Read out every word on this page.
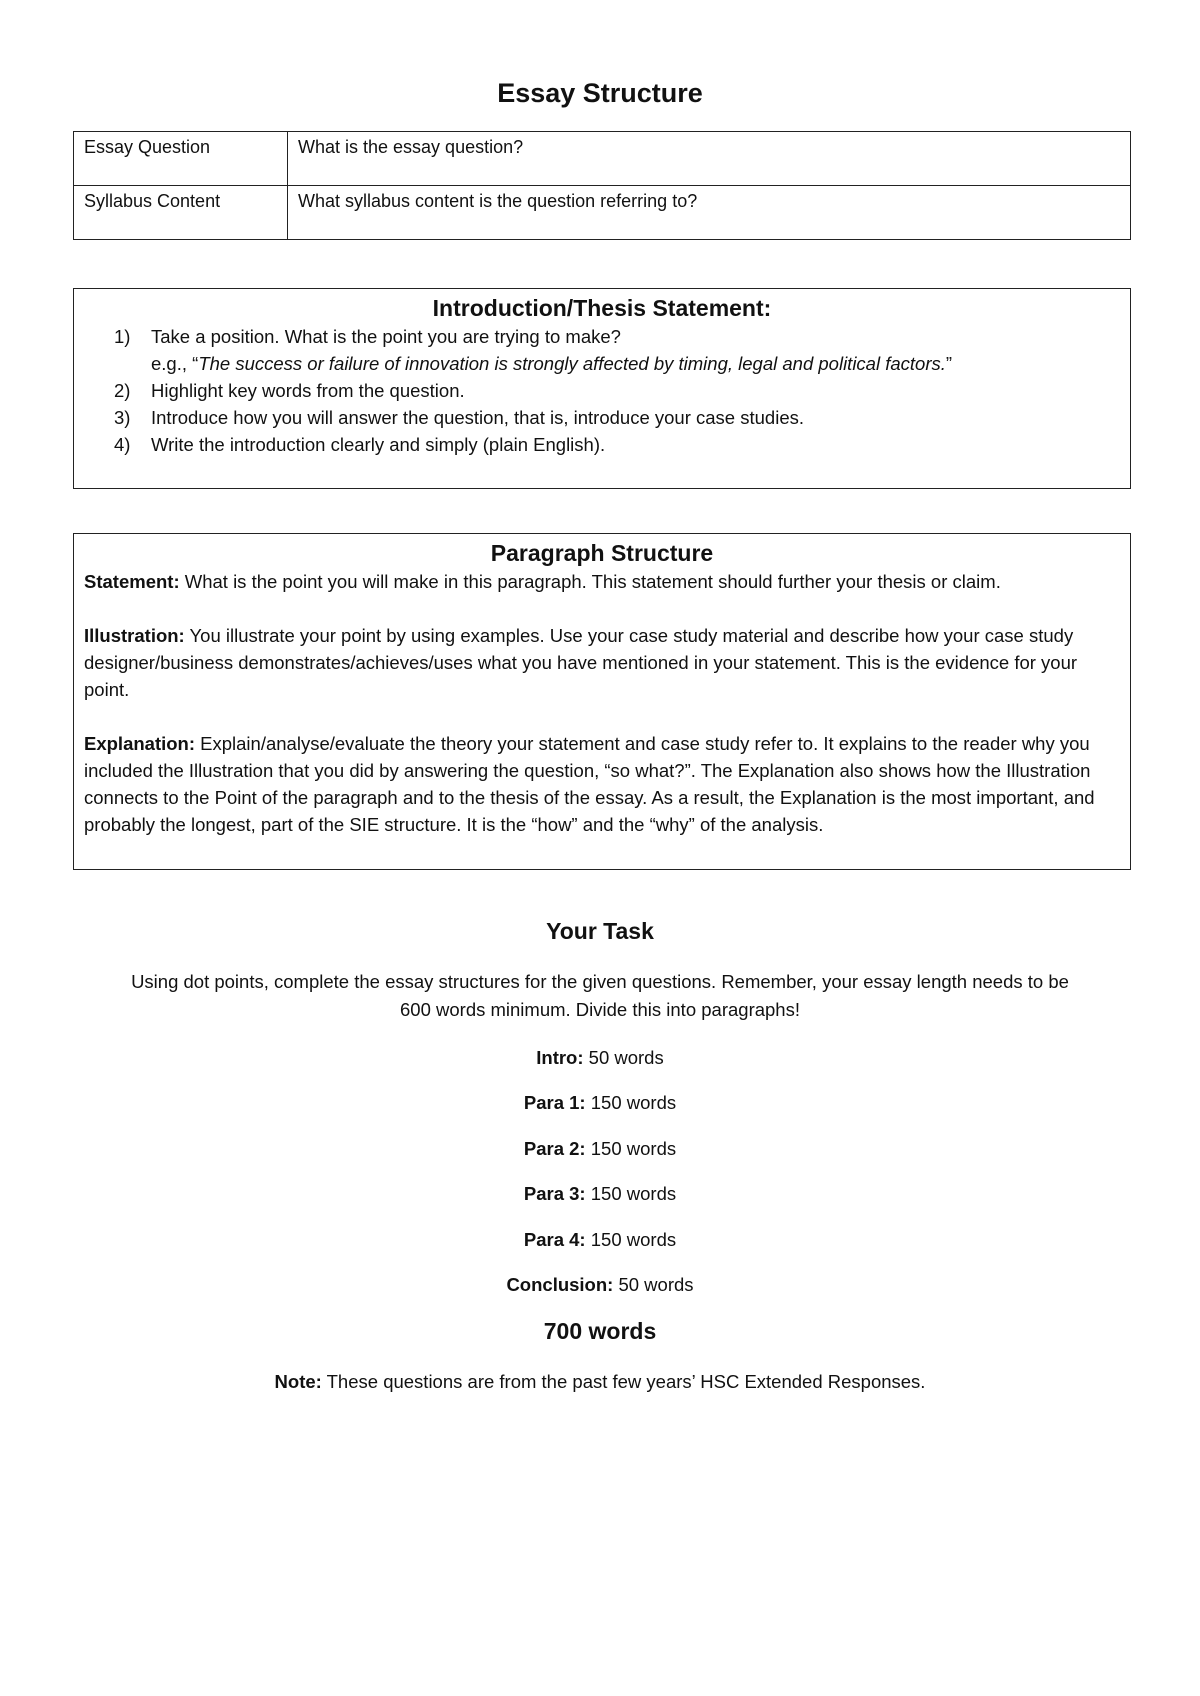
Essay Structure
Essay Question	What is the essay question?
Syllabus Content	What syllabus content is the question referring to?
Introduction/Thesis Statement:
1)	Take a position. What is the point you are trying to make?
e.g., “ The success or failure of innovation is strongly affected by timing, legal and political factors. ”
2)	Highlight key words from the question.
3)	Introduce how you will answer the question, that is, introduce your case studies.
4)	Write the introduction clearly and simply (plain English).
Paragraph Structure

Statement: What is the point you will make in this paragraph. This statement should further your thesis or claim.

Illustration: You illustrate your point by using examples. Use your case study material and describe how your case study designer/business demonstrates/achieves/uses what you have mentioned in your statement. This is the evidence for your point.

Explanation: Explain/analyse/evaluate the theory your statement and case study refer to. It explains to the reader why you included the Illustration that you did by answering the question, “so what?”. The Explanation also shows how the Illustration connects to the Point of the paragraph and to the thesis of the essay. As a result, the Explanation is the most important, and probably the longest, part of the SIE structure. It is the “how” and the “why” of the analysis.

Your Task
Using dot points, complete the essay structures for the given questions. Remember, your essay length needs to be
600 words minimum. Divide this into paragraphs!
Intro: 50 words
Para 1: 150 words
Para 2: 150 words
Para 3: 150 words
Para 4: 150 words
Conclusion: 50 words
700 words
Note: These questions are from the past few years’ HSC Extended Responses.
